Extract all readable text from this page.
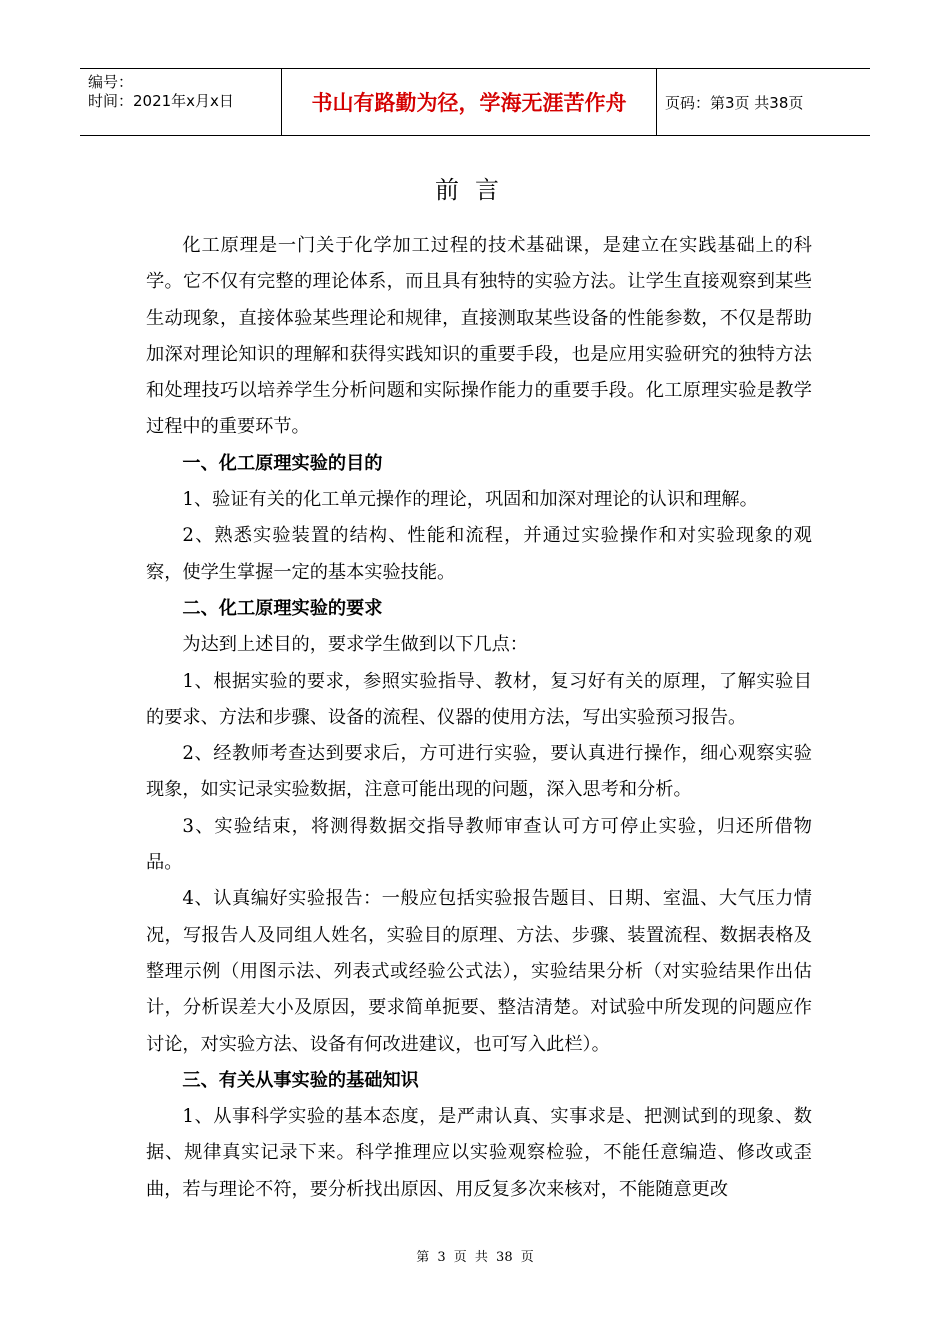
编号：
时间：2021年x月x日	书山有路勤为径，学海无涯苦作舟	页码：第3页 共38页
前言

化工原理是一门关于化学加工过程的技术基础课，是建立在实践基础上的科学。它不仅有完整的理论体系，而且具有独特的实验方法。让学生直接观察到某些生动现象，直接体验某些理论和规律，直接测取某些设备的性能参数，不仅是帮助加深对理论知识的理解和获得实践知识的重要手段，也是应用实验研究的独特方法和处理技巧以培养学生分析问题和实际操作能力的重要手段。化工原理实验是教学过程中的重要环节。

一、化工原理实验的目的

1、验证有关的化工单元操作的理论，巩固和加深对理论的认识和理解。

2、熟悉实验装置的结构、性能和流程，并通过实验操作和对实验现象的观察，使学生掌握一定的基本实验技能。

二、化工原理实验的要求

为达到上述目的，要求学生做到以下几点：

1、根据实验的要求，参照实验指导、教材，复习好有关的原理，了解实验目的要求、方法和步骤、设备的流程、仪器的使用方法，写出实验预习报告。

2、经教师考查达到要求后，方可进行实验，要认真进行操作，细心观察实验现象，如实记录实验数据，注意可能出现的问题，深入思考和分析。

3、实验结束，将测得数据交指导教师审查认可方可停止实验，归还所借物品。

4、认真编好实验报告：一般应包括实验报告题目、日期、室温、大气压力情况，写报告人及同组人姓名，实验目的原理、方法、步骤、装置流程、数据表格及整理示例（用图示法、列表式或经验公式法），实验结果分析（对实验结果作出估计，分析误差大小及原因，要求简单扼要、整洁清楚。对试验中所发现的问题应作讨论，对实验方法、设备有何改进建议，也可写入此栏）。

三、有关从事实验的基础知识

1、从事科学实验的基本态度，是严肃认真、实事求是、把测试到的现象、数据、规律真实记录下来。科学推理应以实验观察检验，不能任意编造、修改或歪曲，若与理论不符，要分析找出原因、用反复多次来核对，不能随意更改

第 3 页 共 38 页
